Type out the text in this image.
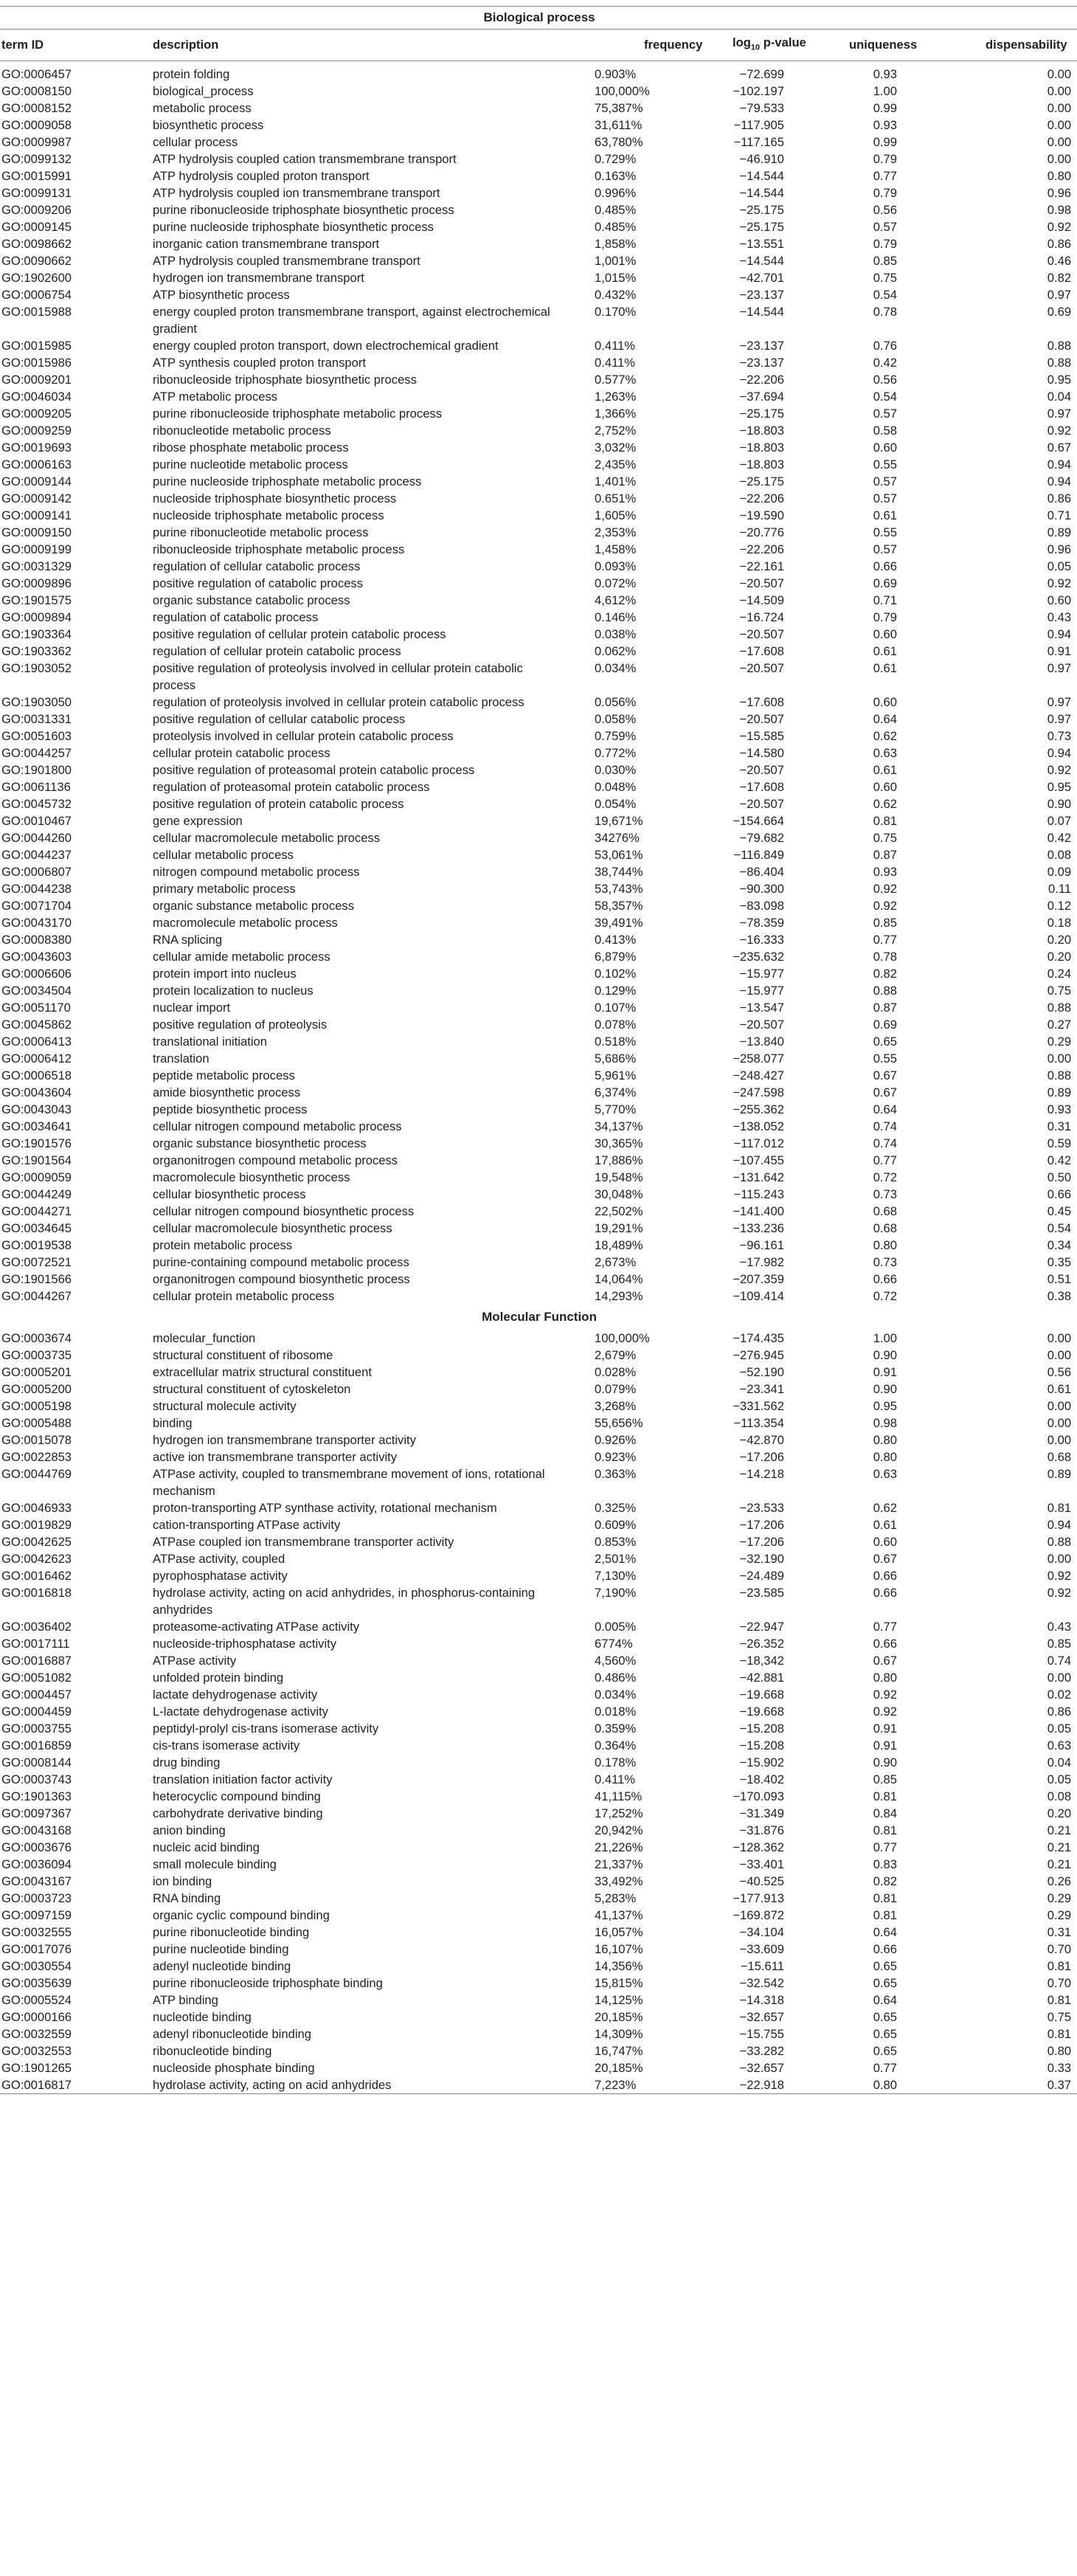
Biological process					
term ID	description	frequency	$\log_{10}$ p-value	uniqueness	dispensability

GO:0006457	protein folding	0.903%	−72.699	0.93	0.00
GO:0008150	biological_process	100,000%	−102.197	1.00	0.00
GO:0008152	metabolic process	75,387%	−79.533	0.99	0.00
GO:0009058	biosynthetic process	31,611%	−117.905	0.93	0.00
GO:0009987	cellular process	63,780%	−117.165	0.99	0.00
GO:0099132	ATP hydrolysis coupled cation transmembrane transport	0.729%	−46.910	0.79	0.00
GO:0015991	ATP hydrolysis coupled proton transport	0.163%	−14.544	0.77	0.80
GO:0099131	ATP hydrolysis coupled ion transmembrane transport	0.996%	−14.544	0.79	0.96
GO:0009206	purine ribonucleoside triphosphate biosynthetic process	0.485%	−25.175	0.56	0.98
GO:0009145	purine nucleoside triphosphate biosynthetic process	0.485%	−25.175	0.57	0.92
GO:0098662	inorganic cation transmembrane transport	1,858%	−13.551	0.79	0.86
GO:0090662	ATP hydrolysis coupled transmembrane transport	1,001%	−14.544	0.85	0.46
GO:1902600	hydrogen ion transmembrane transport	1,015%	−42.701	0.75	0.82
GO:0006754	ATP biosynthetic process	0.432%	−23.137	0.54	0.97
GO:0015988	energy coupled proton transmembrane transport, against electrochemical gradient	0.170%	−14.544	0.78	0.69
GO:0015985	energy coupled proton transport, down electrochemical gradient	0.411%	−23.137	0.76	0.88
GO:0015986	ATP synthesis coupled proton transport	0.411%	−23.137	0.42	0.88
GO:0009201	ribonucleoside triphosphate biosynthetic process	0.577%	−22.206	0.56	0.95
GO:0046034	ATP metabolic process	1,263%	−37.694	0.54	0.04
GO:0009205	purine ribonucleoside triphosphate metabolic process	1,366%	−25.175	0.57	0.97
GO:0009259	ribonucleotide metabolic process	2,752%	−18.803	0.58	0.92
GO:0019693	ribose phosphate metabolic process	3,032%	−18.803	0.60	0.67
GO:0006163	purine nucleotide metabolic process	2,435%	−18.803	0.55	0.94
GO:0009144	purine nucleoside triphosphate metabolic process	1,401%	−25.175	0.57	0.94
GO:0009142	nucleoside triphosphate biosynthetic process	0.651%	−22.206	0.57	0.86
GO:0009141	nucleoside triphosphate metabolic process	1,605%	−19.590	0.61	0.71
GO:0009150	purine ribonucleotide metabolic process	2,353%	−20.776	0.55	0.89
GO:0009199	ribonucleoside triphosphate metabolic process	1,458%	−22.206	0.57	0.96
GO:0031329	regulation of cellular catabolic process	0.093%	−22.161	0.66	0.05
GO:0009896	positive regulation of catabolic process	0.072%	−20.507	0.69	0.92
GO:1901575	organic substance catabolic process	4,612%	−14.509	0.71	0.60
GO:0009894	regulation of catabolic process	0.146%	−16.724	0.79	0.43
GO:1903364	positive regulation of cellular protein catabolic process	0.038%	−20.507	0.60	0.94
GO:1903362	regulation of cellular protein catabolic process	0.062%	−17.608	0.61	0.91
GO:1903052	positive regulation of proteolysis involved in cellular protein catabolic process	0.034%	−20.507	0.61	0.97
GO:1903050	regulation of proteolysis involved in cellular protein catabolic process	0.056%	−17.608	0.60	0.97
GO:0031331	positive regulation of cellular catabolic process	0.058%	−20.507	0.64	0.97
GO:0051603	proteolysis involved in cellular protein catabolic process	0.759%	−15.585	0.62	0.73
GO:0044257	cellular protein catabolic process	0.772%	−14.580	0.63	0.94
GO:1901800	positive regulation of proteasomal protein catabolic process	0.030%	−20.507	0.61	0.92
GO:0061136	regulation of proteasomal protein catabolic process	0.048%	−17.608	0.60	0.95
GO:0045732	positive regulation of protein catabolic process	0.054%	−20.507	0.62	0.90
GO:0010467	gene expression	19,671%	−154.664	0.81	0.07
GO:0044260	cellular macromolecule metabolic process	34276%	−79.682	0.75	0.42
GO:0044237	cellular metabolic process	53,061%	−116.849	0.87	0.08
GO:0006807	nitrogen compound metabolic process	38,744%	−86.404	0.93	0.09
GO:0044238	primary metabolic process	53,743%	−90.300	0.92	0.11
GO:0071704	organic substance metabolic process	58,357%	−83.098	0.92	0.12
GO:0043170	macromolecule metabolic process	39,491%	−78.359	0.85	0.18
GO:0008380	RNA splicing	0.413%	−16.333	0.77	0.20
GO:0043603	cellular amide metabolic process	6,879%	−235.632	0.78	0.20
GO:0006606	protein import into nucleus	0.102%	−15.977	0.82	0.24
GO:0034504	protein localization to nucleus	0.129%	−15.977	0.88	0.75
GO:0051170	nuclear import	0.107%	−13.547	0.87	0.88
GO:0045862	positive regulation of proteolysis	0.078%	−20.507	0.69	0.27
GO:0006413	translational initiation	0.518%	−13.840	0.65	0.29
GO:0006412	translation	5,686%	−258.077	0.55	0.00
GO:0006518	peptide metabolic process	5,961%	−248.427	0.67	0.88
GO:0043604	amide biosynthetic process	6,374%	−247.598	0.67	0.89
GO:0043043	peptide biosynthetic process	5,770%	−255.362	0.64	0.93
GO:0034641	cellular nitrogen compound metabolic process	34,137%	−138.052	0.74	0.31
GO:1901576	organic substance biosynthetic process	30,365%	−117.012	0.74	0.59
GO:1901564	organonitrogen compound metabolic process	17,886%	−107.455	0.77	0.42
GO:0009059	macromolecule biosynthetic process	19,548%	−131.642	0.72	0.50
GO:0044249	cellular biosynthetic process	30,048%	−115.243	0.73	0.66
GO:0044271	cellular nitrogen compound biosynthetic process	22,502%	−141.400	0.68	0.45
GO:0034645	cellular macromolecule biosynthetic process	19,291%	−133.236	0.68	0.54
GO:0019538	protein metabolic process	18,489%	−96.161	0.80	0.34
GO:0072521	purine-containing compound metabolic process	2,673%	−17.982	0.73	0.35
GO:1901566	organonitrogen compound biosynthetic process	14,064%	−207.359	0.66	0.51
GO:0044267	cellular protein metabolic process	14,293%	−109.414	0.72	0.38
Molecular Function					
GO:0003674	molecular_function	100,000%	−174.435	1.00	0.00
GO:0003735	structural constituent of ribosome	2,679%	−276.945	0.90	0.00
GO:0005201	extracellular matrix structural constituent	0.028%	−52.190	0.91	0.56
GO:0005200	structural constituent of cytoskeleton	0.079%	−23.341	0.90	0.61
GO:0005198	structural molecule activity	3,268%	−331.562	0.95	0.00
GO:0005488	binding	55,656%	−113.354	0.98	0.00
GO:0015078	hydrogen ion transmembrane transporter activity	0.926%	−42.870	0.80	0.00
GO:0022853	active ion transmembrane transporter activity	0.923%	−17.206	0.80	0.68
GO:0044769	ATPase activity, coupled to transmembrane movement of ions, rotational mechanism	0.363%	−14.218	0.63	0.89
GO:0046933	proton-transporting ATP synthase activity, rotational mechanism	0.325%	−23.533	0.62	0.81
GO:0019829	cation-transporting ATPase activity	0.609%	−17.206	0.61	0.94
GO:0042625	ATPase coupled ion transmembrane transporter activity	0.853%	−17.206	0.60	0.88
GO:0042623	ATPase activity, coupled	2,501%	−32.190	0.67	0.00
GO:0016462	pyrophosphatase activity	7,130%	−24.489	0.66	0.92
GO:0016818	hydrolase activity, acting on acid anhydrides, in phosphorus-containing anhydrides	7,190%	−23.585	0.66	0.92
GO:0036402	proteasome-activating ATPase activity	0.005%	−22.947	0.77	0.43
GO:0017111	nucleoside-triphosphatase activity	6774%	−26.352	0.66	0.85
GO:0016887	ATPase activity	4,560%	−18,342	0.67	0.74
GO:0051082	unfolded protein binding	0.486%	−42.881	0.80	0.00
GO:0004457	lactate dehydrogenase activity	0.034%	−19.668	0.92	0.02
GO:0004459	L-lactate dehydrogenase activity	0.018%	−19.668	0.92	0.86
GO:0003755	peptidyl-prolyl cis-trans isomerase activity	0.359%	−15.208	0.91	0.05
GO:0016859	cis-trans isomerase activity	0.364%	−15.208	0.91	0.63
GO:0008144	drug binding	0.178%	−15.902	0.90	0.04
GO:0003743	translation initiation factor activity	0.411%	−18.402	0.85	0.05
GO:1901363	heterocyclic compound binding	41,115%	−170.093	0.81	0.08
GO:0097367	carbohydrate derivative binding	17,252%	−31.349	0.84	0.20
GO:0043168	anion binding	20,942%	−31.876	0.81	0.21
GO:0003676	nucleic acid binding	21,226%	−128.362	0.77	0.21
GO:0036094	small molecule binding	21,337%	−33.401	0.83	0.21
GO:0043167	ion binding	33,492%	−40.525	0.82	0.26
GO:0003723	RNA binding	5,283%	−177.913	0.81	0.29
GO:0097159	organic cyclic compound binding	41,137%	−169.872	0.81	0.29
GO:0032555	purine ribonucleotide binding	16,057%	−34.104	0.64	0.31
GO:0017076	purine nucleotide binding	16,107%	−33.609	0.66	0.70
GO:0030554	adenyl nucleotide binding	14,356%	−15.611	0.65	0.81
GO:0035639	purine ribonucleoside triphosphate binding	15,815%	−32.542	0.65	0.70
GO:0005524	ATP binding	14,125%	−14.318	0.64	0.81
GO:0000166	nucleotide binding	20,185%	−32.657	0.65	0.75
GO:0032559	adenyl ribonucleotide binding	14,309%	−15.755	0.65	0.81
GO:0032553	ribonucleotide binding	16,747%	−33.282	0.65	0.80
GO:1901265	nucleoside phosphate binding	20,185%	−32.657	0.77	0.33
GO:0016817	hydrolase activity, acting on acid anhydrides	7,223%	−22.918	0.80	0.37
